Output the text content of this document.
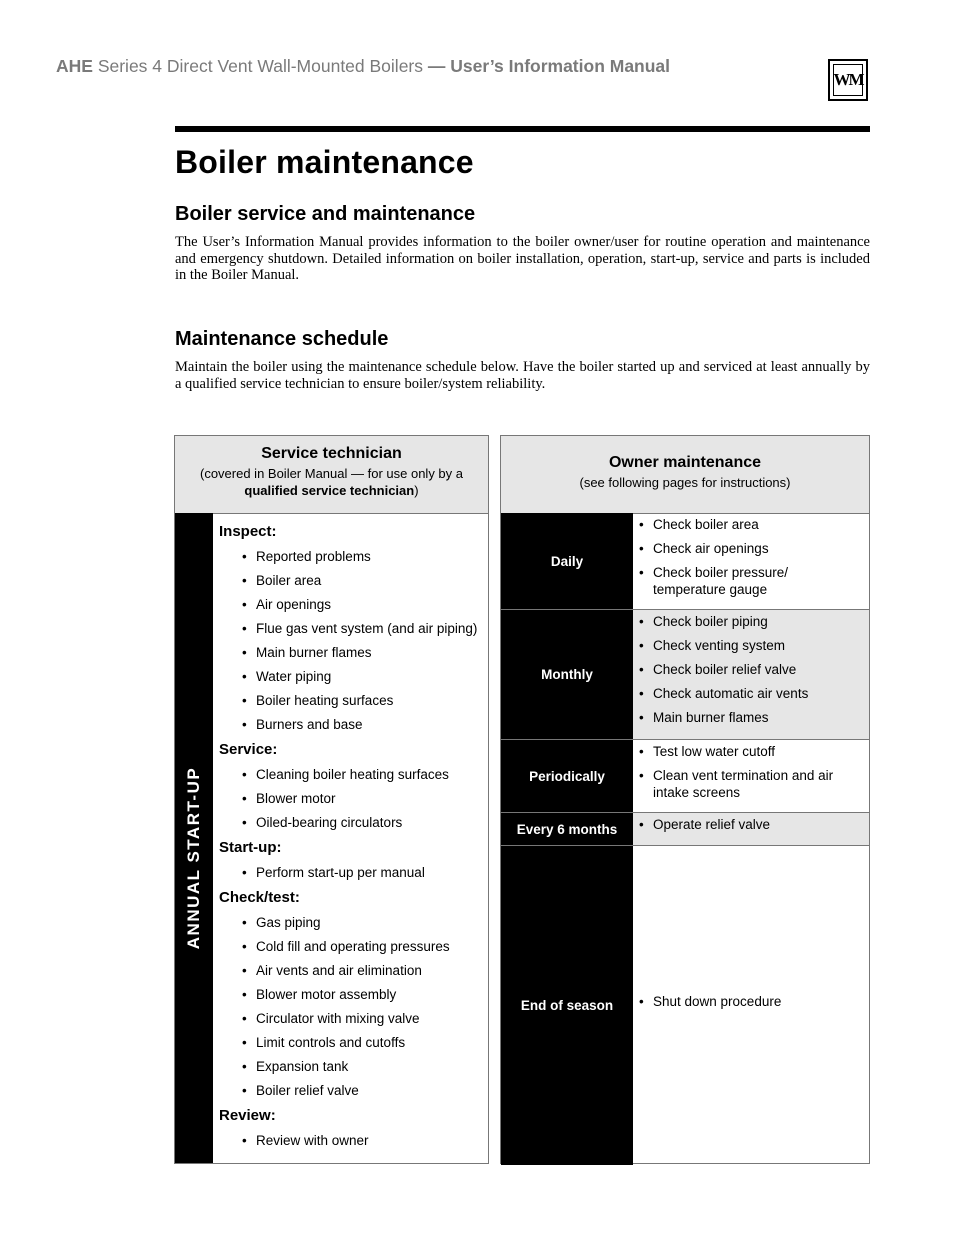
AHE Series 4 Direct Vent Wall-Mounted Boilers — User’s Information Manual
WM
Boiler maintenance
Boiler service and maintenance

The User’s Information Manual provides information to the boiler owner/user for routine operation and maintenance and emergency shutdown. Detailed information on boiler installation, operation, start-up, service and parts is included in the Boiler Manual.

Maintenance schedule

Maintain the boiler using the maintenance schedule below. Have the boiler started up and serviced at least annually by a qualified service technician to ensure boiler/system reliability.

Service technician
(covered in Boiler Manual — for use only by a
qualified service technician)
ANNUAL START-UP
Inspect:
• Reported problems
• Boiler area
• Air openings
• Flue gas vent system (and air piping)
• Main burner flames
• Water piping
• Boiler heating surfaces
• Burners and base
Service:
• Cleaning boiler heating surfaces
• Blower motor
• Oiled-bearing circulators
Start-up:
• Perform start-up per manual
Check/test:
• Gas piping
• Cold fill and operating pressures
• Air vents and air elimination
• Blower motor assembly
• Circulator with mixing valve
• Limit controls and cutoffs
• Expansion tank
• Boiler relief valve
Review:
• Review with owner
Owner maintenance
(see following pages for instructions)
Daily
• Check boiler area
• Check air openings
• Check boiler pressure/ temperature gauge
Monthly
• Check boiler piping
• Check venting system
• Check boiler relief valve
• Check automatic air vents
• Main burner flames
Periodically
• Test low water cutoff
• Clean vent termination and air intake screens
Every 6 months	• Operate relief valve
End of season	• Shut down procedure
